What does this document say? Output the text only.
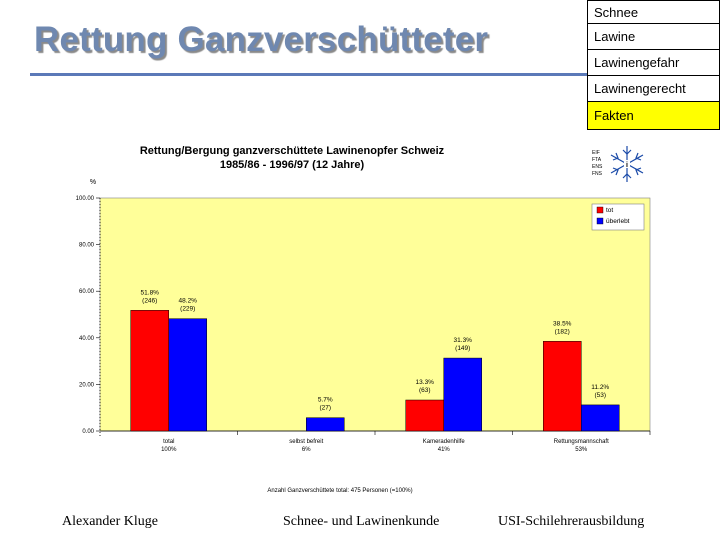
Rettung Ganzverschütteter
Schnee
Lawine
Lawinengefahr
Lawinengerecht
Fakten
Rettung/Bergung ganzverschüttete Lawinenopfer Schweiz
1985/86 - 1996/97 (12 Jahre)
EIF
FTA
ENS
FNS
i
%
0.00
20.00
40.00
60.00
80.00
100.00
51.8%
(246)	48.2%
(229)
total
100%
5.7%
(27)
selbst befreit
6%
13.3%
(63)
31.3%
(149)
Kameradenhilfe
41%
38.5%
(182)
11.2%
(53)
Rettungsmannschaft
53%
tot
überlebt
Anzahl Ganzverschüttete total: 475 Personen (=100%)
Alexander Kluge	Schnee- und Lawinenkunde	USI-Schilehrerausbildung
